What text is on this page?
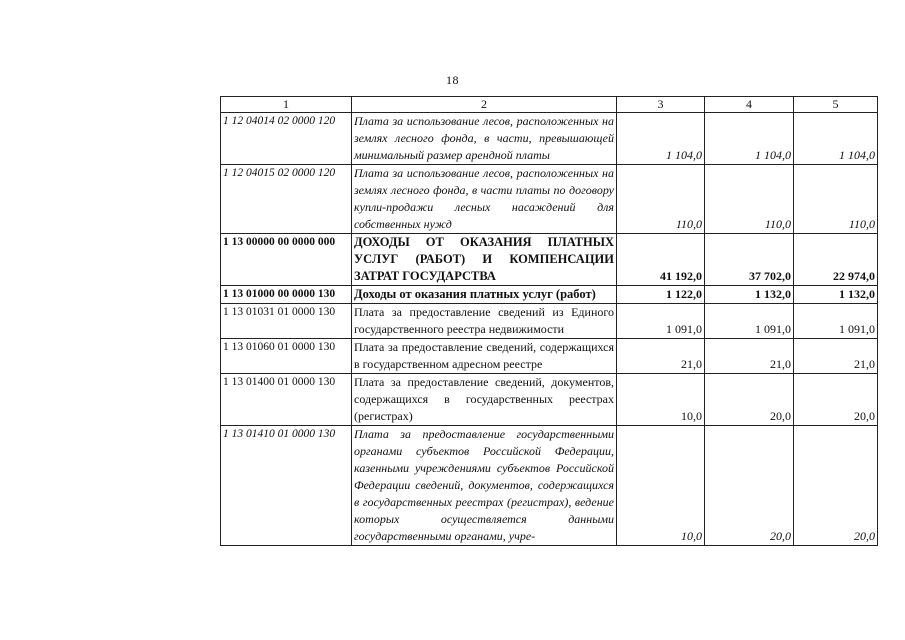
18
1	2	3	4	5
1 12 04014 02 0000 120	Плата за использование лесов, расположенных на землях лесного фонда, в части, превышающей минимальный размер арендной платы	1 104,0	1 104,0	1 104,0
1 12 04015 02 0000 120	Плата за использование лесов, расположенных на землях лесного фонда, в части платы по договору купли-продажи лесных насаждений для собственных нужд	110,0	110,0	110,0
1 13 00000 00 0000 000	ДОХОДЫ ОТ ОКАЗАНИЯ ПЛАТНЫХ УСЛУГ (РАБОТ) И КОМПЕНСАЦИИ ЗАТРАТ ГОСУДАРСТВА	41 192,0	37 702,0	22 974,0
1 13 01000 00 0000 130	Доходы от оказания платных услуг (работ)	1 122,0	1 132,0	1 132,0
1 13 01031 01 0000 130	Плата за предоставление сведений из Единого государственного реестра недвижимости	1 091,0	1 091,0	1 091,0
1 13 01060 01 0000 130	Плата за предоставление сведений, содержащихся в государственном адресном реестре	21,0	21,0	21,0
1 13 01400 01 0000 130	Плата за предоставление сведений, документов, содержащихся в государственных реестрах (регистрах)	10,0	20,0	20,0
1 13 01410 01 0000 130	Плата за предоставление государственными органами субъектов Российской Федерации, казенными учреждениями субъектов Российской Федерации сведений, документов, содержащихся в государственных реестрах (регистрах), ведение которых осуществляется данными государственными органами, учре-	10,0	20,0	20,0
